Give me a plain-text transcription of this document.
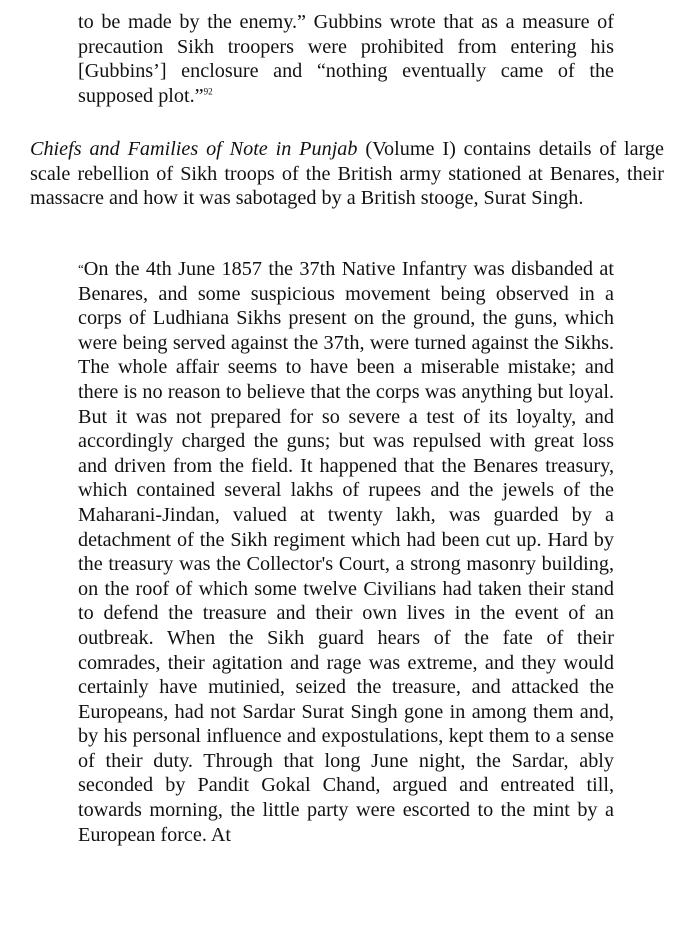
to be made by the enemy.” Gubbins wrote that as a measure of precaution Sikh troopers were prohibited from entering his [Gubbins’] enclosure and “nothing eventually came of the supposed plot.”$^{92}$
Chiefs and Families of Note in Punjab (Volume I) contains details of large scale rebellion of Sikh troops of the British army stationed at Benares, their massacre and how it was sabotaged by a British stooge, Surat Singh.
“On the 4th June 1857 the 37th Native Infantry was disbanded at Benares, and some suspicious movement being observed in a corps of Ludhiana Sikhs present on the ground, the guns, which were being served against the 37th, were turned against the Sikhs. The whole affair seems to have been a miserable mistake; and there is no reason to believe that the corps was anything but loyal. But it was not prepared for so severe a test of its loyalty, and accordingly charged the guns; but was repulsed with great loss and driven from the field. It happened that the Benares treasury, which contained several lakhs of rupees and the jewels of the Maharani-Jindan, valued at twenty lakh, was guarded by a detachment of the Sikh regiment which had been cut up. Hard by the treasury was the Collector's Court, a strong masonry building, on the roof of which some twelve Civilians had taken their stand to defend the treasure and their own lives in the event of an outbreak. When the Sikh guard hears of the fate of their comrades, their agitation and rage was extreme, and they would certainly have mutinied, seized the treasure, and attacked the Europeans, had not Sardar Surat Singh gone in among them and, by his personal influence and expostulations, kept them to a sense of their duty. Through that long June night, the Sardar, ably seconded by Pandit Gokal Chand, argued and entreated till, towards morning, the little party were escorted to the mint by a European force. At
